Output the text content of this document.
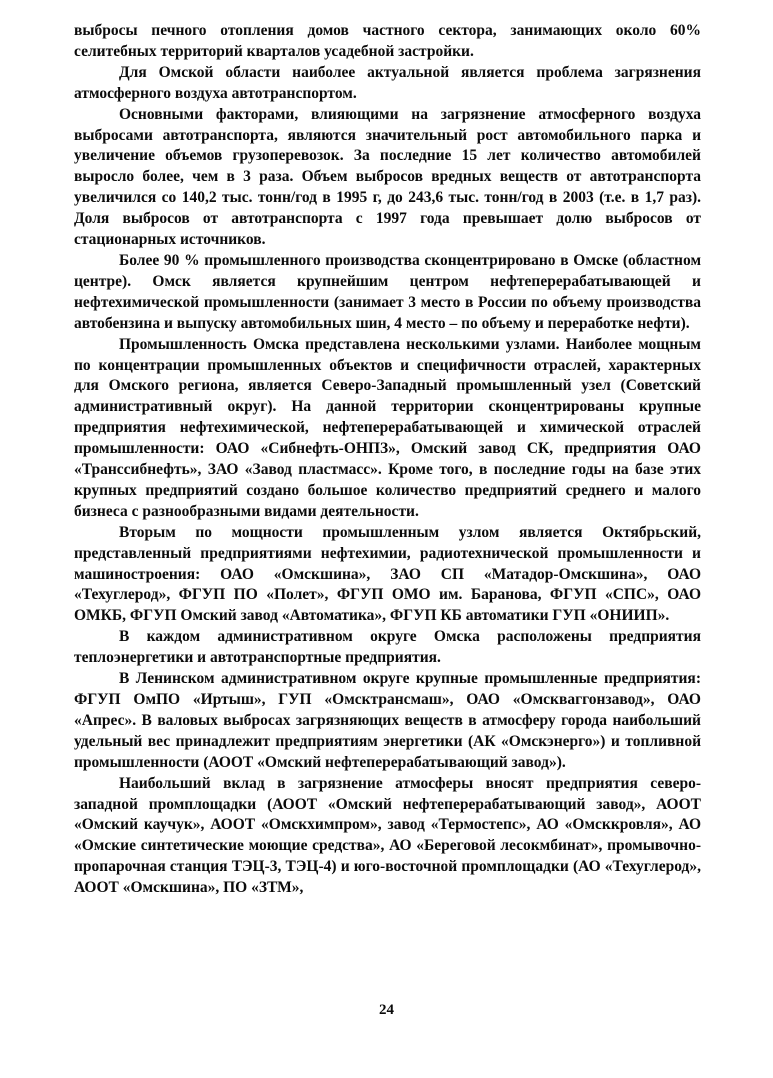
выбросы печного отопления домов частного сектора, занимающих около 60% селитебных территорий кварталов усадебной застройки.

Для Омской области наиболее актуальной является проблема загрязнения атмосферного воздуха автотранспортом.

Основными факторами, влияющими на загрязнение атмосферного воздуха выбросами автотранспорта, являются значительный рост автомобильного парка и увеличение объемов грузоперевозок. За последние 15 лет количество автомобилей выросло более, чем в 3 раза. Объем выбросов вредных веществ от автотранспорта увеличился со 140,2 тыс. тонн/год в 1995 г, до 243,6 тыс. тонн/год в 2003 (т.е. в 1,7 раз). Доля выбросов от автотранспорта с 1997 года превышает долю выбросов от стационарных источников.

Более 90 % промышленного производства сконцентрировано в Омске (областном центре). Омск является крупнейшим центром нефтеперерабатывающей и нефтехимической промышленности (занимает 3 место в России по объему производства автобензина и выпуску автомобильных шин, 4 место – по объему и переработке нефти).

Промышленность Омска представлена несколькими узлами. Наиболее мощным по концентрации промышленных объектов и специфичности отраслей, характерных для Омского региона, является Северо-Западный промышленный узел (Советский административный округ). На данной территории сконцентрированы крупные предприятия нефтехимической, нефтеперерабатывающей и химической отраслей промышленности: ОАО «Сибнефть-ОНПЗ», Омский завод СК, предприятия ОАО «Транссибнефть», ЗАО «Завод пластмасс». Кроме того, в последние годы на базе этих крупных предприятий создано большое количество предприятий среднего и малого бизнеса с разнообразными видами деятельности.

Вторым по мощности промышленным узлом является Октябрьский, представленный предприятиями нефтехимии, радиотехнической промышленности и машиностроения: ОАО «Омскшина», ЗАО СП «Матадор-Омскшина», ОАО «Техуглерод», ФГУП ПО «Полет», ФГУП ОМО им. Баранова, ФГУП «СПС», ОАО ОМКБ, ФГУП Омский завод «Автоматика», ФГУП КБ автоматики ГУП «ОНИИП».

В каждом административном округе Омска расположены предприятия теплоэнергетики и автотранспортные предприятия.

В Ленинском административном округе крупные промышленные предприятия: ФГУП ОмПО «Иртыш», ГУП «Омсктрансмаш», ОАО «Омскваггонзавод», ОАО «Апрес». В валовых выбросах загрязняющих веществ в атмосферу города наибольший удельный вес принадлежит предприятиям энергетики (АК «Омскэнерго») и топливной промышленности (АООТ «Омский нефтеперерабатывающий завод»).

Наибольший вклад в загрязнение атмосферы вносят предприятия северо-западной промплощадки (АООТ «Омский нефтеперерабатывающий завод», АООТ «Омский каучук», АООТ «Омскхимпром», завод «Термостепс», АО «Омсккровля», АО «Омские синтетические моющие средства», АО «Береговой лесокмбинат», промывочно-пропарочная станция ТЭЦ-3, ТЭЦ-4) и юго-восточной промплощадки (АО «Техуглерод», АООТ «Омскшина», ПО «ЗТМ»,

24
